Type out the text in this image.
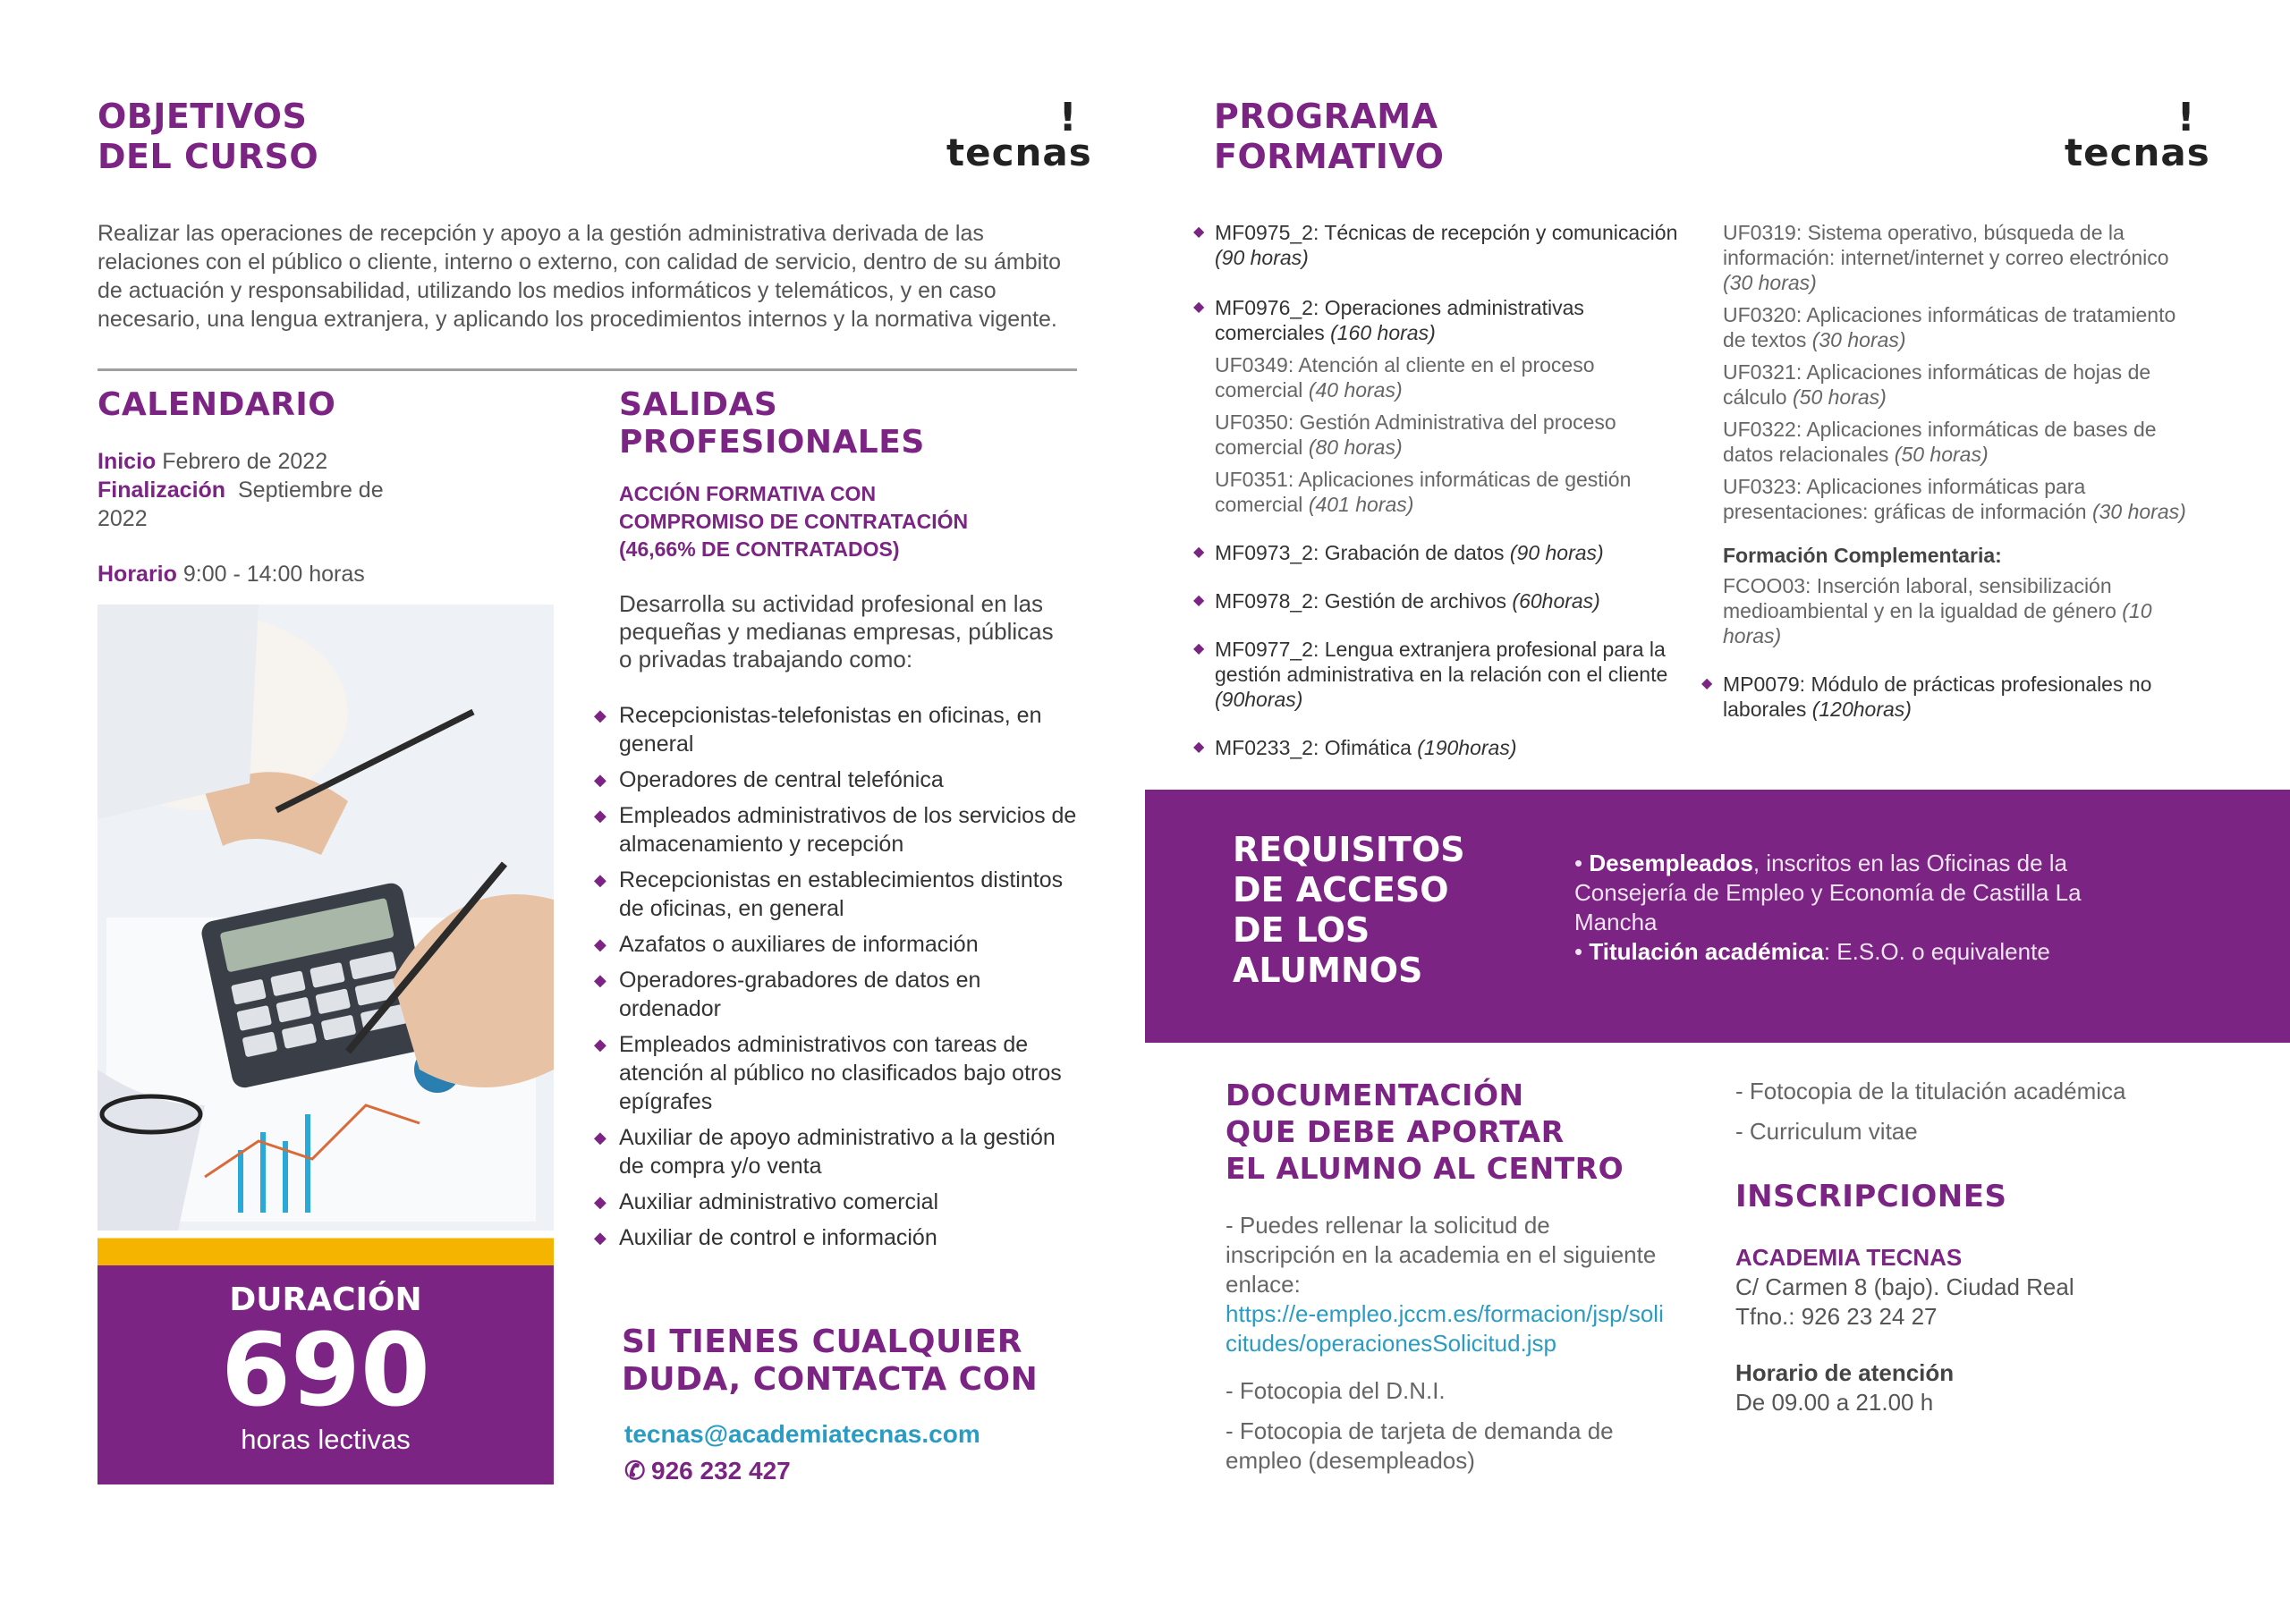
OBJETIVOS
DEL CURSO	tecnas
!

Realizar las operaciones de recepción y apoyo a la gestión administrativa derivada de las relaciones con el público o cliente, interno o externo, con calidad de servicio, dentro de su ámbito de actuación y responsabilidad, utilizando los medios informáticos y telemáticos, y en caso necesario, una lengua extranjera, y aplicando los procedimientos internos y la normativa vigente.

CALENDARIO
Inicio Febrero de 2022
Finalización Septiembre de 2022
Horario 9:00 - 14:00 horas
DURACIÓN
690
horas lectivas
SALIDAS
PROFESIONALES
ACCIÓN FORMATIVA CON
COMPROMISO DE CONTRATACIÓN
(46,66% DE CONTRATADOS)

Desarrolla su actividad profesional en las pequeñas y medianas empresas, públicas o privadas trabajando como:

◆ Recepcionistas-telefonistas en oficinas, en general
◆ Operadores de central telefónica
◆ Empleados administrativos de los servicios de almacenamiento y recepción
◆ Recepcionistas en establecimientos distintos de oficinas, en general
◆ Azafatos o auxiliares de información
◆ Operadores-grabadores de datos en ordenador
◆ Empleados administrativos con tareas de atención al público no clasificados bajo otros epígrafes
◆ Auxiliar de apoyo administrativo a la gestión de compra y/o venta
◆ Auxiliar administrativo comercial
◆ Auxiliar de control e información
SI TIENES CUALQUIER
DUDA, CONTACTA CON
tecnas@academiatecnas.com
✆ 926 232 427
PROGRAMA
FORMATIVO	tecnas
!
◆ MF0975_2: Técnicas de recepción y comunicación (90 horas)
◆ MF0976_2: Operaciones administrativas comerciales (160 horas)
UF0349: Atención al cliente en el proceso comercial (40 horas)
UF0350: Gestión Administrativa del proceso comercial (80 horas)
UF0351: Aplicaciones informáticas de gestión comercial (401 horas)
◆ MF0973_2: Grabación de datos (90 horas)
◆ MF0978_2: Gestión de archivos (60horas)
◆ MF0977_2: Lengua extranjera profesional para la gestión administrativa en la relación con el cliente (90horas)
◆ MF0233_2: Ofimática (190horas)
UF0319: Sistema operativo, búsqueda de la información: internet/internet y correo electrónico (30 horas)
UF0320: Aplicaciones informáticas de tratamiento de textos (30 horas)
UF0321: Aplicaciones informáticas de hojas de cálculo (50 horas)
UF0322: Aplicaciones informáticas de bases de datos relacionales (50 horas)
UF0323: Aplicaciones informáticas para presentaciones: gráficas de información (30 horas)
Formación Complementaria:
FCOO03: Inserción laboral, sensibilización medioambiental y en la igualdad de género (10 horas)
◆ MP0079: Módulo de prácticas profesionales no laborales (120horas)
REQUISITOS
DE ACCESO
DE LOS
ALUMNOS
• Desempleados, inscritos en las Oficinas de la Consejería de Empleo y Economía de Castilla La Mancha
• Titulación académica: E.S.O. o equivalente
DOCUMENTACIÓN
QUE DEBE APORTAR
EL ALUMNO AL CENTRO

- Puedes rellenar la solicitud de inscripción en la academia en el siguiente enlace:

https://e-empleo.jccm.es/formacion/jsp/solicitudes/operacionesSolicitud.jsp

- Fotocopia del D.N.I.

- Fotocopia de tarjeta de demanda de empleo (desempleados)

- Fotocopia de la titulación académica

- Curriculum vitae

INSCRIPCIONES
ACADEMIA TECNAS
C/ Carmen 8 (bajo). Ciudad Real
Tfno.: 926 23 24 27
Horario de atención
De 09.00 a 21.00 h
